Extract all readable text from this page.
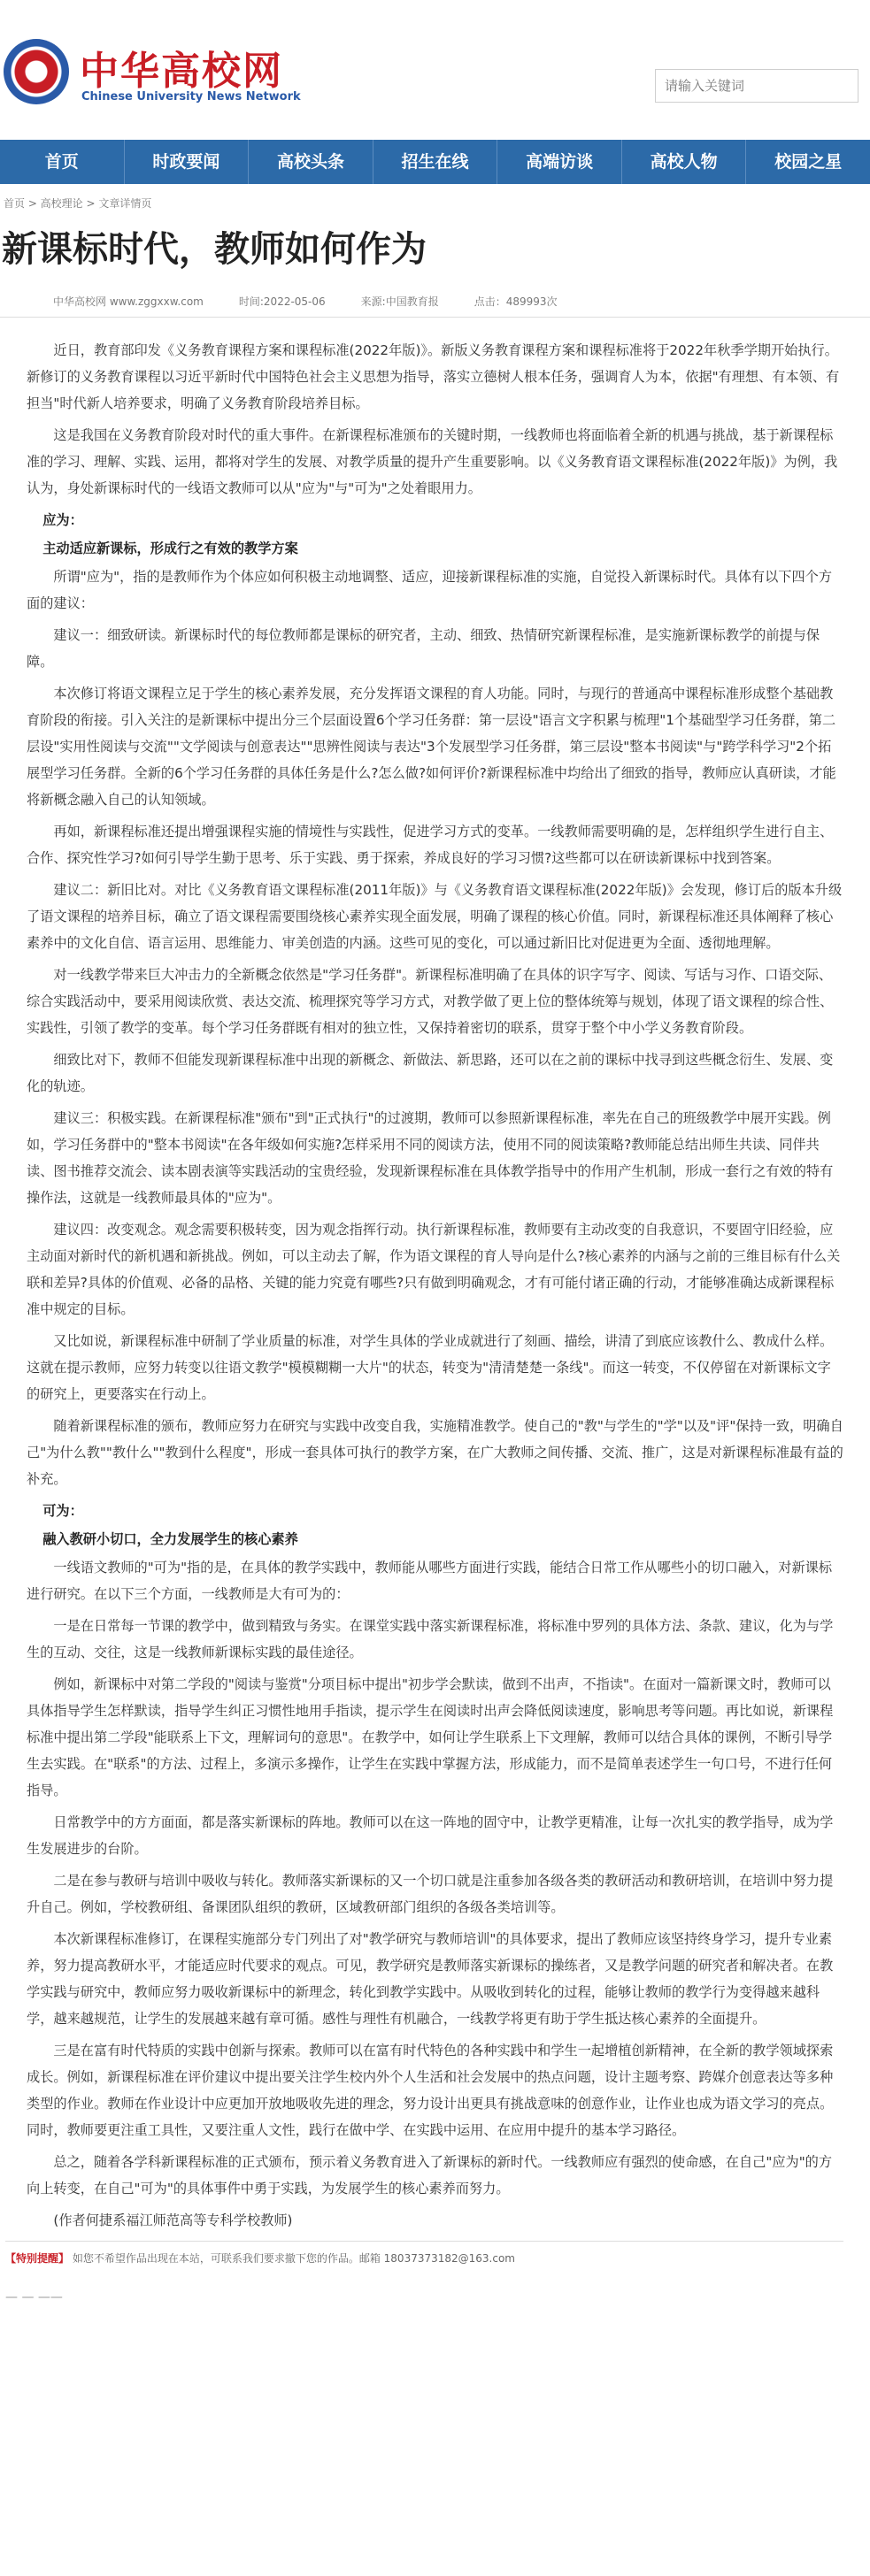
中华高校网
Chinese University News Network
请输入关键词
首页	时政要闻	高校头条	招生在线	高端访谈	高校人物	校园之星
首页 > 高校理论 > 文章详情页
新课标时代，教师如何作为
中华高校网 www.zggxxw.com	时间:2022-05-06	来源:中国教育报	点击：489993次

近日，教育部印发《义务教育课程方案和课程标准(2022年版)》。新版义务教育课程方案和课程标准将于2022年秋季学期开始执行。新修订的义务教育课程以习近平新时代中国特色社会主义思想为指导，落实立德树人根本任务，强调育人为本，依据"有理想、有本领、有担当"时代新人培养要求，明确了义务教育阶段培养目标。

这是我国在义务教育阶段对时代的重大事件。在新课程标准颁布的关键时期，一线教师也将面临着全新的机遇与挑战，基于新课程标准的学习、理解、实践、运用，都将对学生的发展、对教学质量的提升产生重要影响。以《义务教育语文课程标准(2022年版)》为例，我认为，身处新课标时代的一线语文教师可以从"应为"与"可为"之处着眼用力。

应为：

主动适应新课标，形成行之有效的教学方案

所谓"应为"，指的是教师作为个体应如何积极主动地调整、适应，迎接新课程标准的实施，自觉投入新课标时代。具体有以下四个方面的建议：

建议一：细致研读。新课标时代的每位教师都是课标的研究者，主动、细致、热情研究新课程标准，是实施新课标教学的前提与保障。

本次修订将语文课程立足于学生的核心素养发展，充分发挥语文课程的育人功能。同时，与现行的普通高中课程标准形成整个基础教育阶段的衔接。引入关注的是新课标中提出分三个层面设置6个学习任务群：第一层设"语言文字积累与梳理"1个基础型学习任务群，第二层设"实用性阅读与交流""文学阅读与创意表达""思辨性阅读与表达"3个发展型学习任务群，第三层设"整本书阅读"与"跨学科学习"2个拓展型学习任务群。全新的6个学习任务群的具体任务是什么?怎么做?如何评价?新课程标准中均给出了细致的指导，教师应认真研读，才能将新概念融入自己的认知领域。

再如，新课程标准还提出增强课程实施的情境性与实践性，促进学习方式的变革。一线教师需要明确的是，怎样组织学生进行自主、合作、探究性学习?如何引导学生勤于思考、乐于实践、勇于探索，养成良好的学习习惯?这些都可以在研读新课标中找到答案。

建议二：新旧比对。对比《义务教育语文课程标准(2011年版)》与《义务教育语文课程标准(2022年版)》会发现，修订后的版本升级了语文课程的培养目标，确立了语文课程需要围绕核心素养实现全面发展，明确了课程的核心价值。同时，新课程标准还具体阐释了核心素养中的文化自信、语言运用、思维能力、审美创造的内涵。这些可见的变化，可以通过新旧比对促进更为全面、透彻地理解。

对一线教学带来巨大冲击力的全新概念依然是"学习任务群"。新课程标准明确了在具体的识字写字、阅读、写话与习作、口语交际、综合实践活动中，要采用阅读欣赏、表达交流、梳理探究等学习方式，对教学做了更上位的整体统筹与规划，体现了语文课程的综合性、实践性，引领了教学的变革。每个学习任务群既有相对的独立性，又保持着密切的联系，贯穿于整个中小学义务教育阶段。

细致比对下，教师不但能发现新课程标准中出现的新概念、新做法、新思路，还可以在之前的课标中找寻到这些概念衍生、发展、变化的轨迹。

建议三：积极实践。在新课程标准"颁布"到"正式执行"的过渡期，教师可以参照新课程标准，率先在自己的班级教学中展开实践。例如，学习任务群中的"整本书阅读"在各年级如何实施?怎样采用不同的阅读方法，使用不同的阅读策略?教师能总结出师生共读、同伴共读、图书推荐交流会、读本剧表演等实践活动的宝贵经验，发现新课程标准在具体教学指导中的作用产生机制，形成一套行之有效的特有操作法，这就是一线教师最具体的"应为"。

建议四：改变观念。观念需要积极转变，因为观念指挥行动。执行新课程标准，教师要有主动改变的自我意识，不要固守旧经验，应主动面对新时代的新机遇和新挑战。例如，可以主动去了解，作为语文课程的育人导向是什么?核心素养的内涵与之前的三维目标有什么关联和差异?具体的价值观、必备的品格、关键的能力究竟有哪些?只有做到明确观念，才有可能付诸正确的行动，才能够准确达成新课程标准中规定的目标。

又比如说，新课程标准中研制了学业质量的标准，对学生具体的学业成就进行了刻画、描绘，讲清了到底应该教什么、教成什么样。这就在提示教师，应努力转变以往语文教学"模模糊糊一大片"的状态，转变为"清清楚楚一条线"。而这一转变，不仅停留在对新课标文字的研究上，更要落实在行动上。

随着新课程标准的颁布，教师应努力在研究与实践中改变自我，实施精准教学。使自己的"教"与学生的"学"以及"评"保持一致，明确自己"为什么教""教什么""教到什么程度"，形成一套具体可执行的教学方案，在广大教师之间传播、交流、推广，这是对新课程标准最有益的补充。

可为：

融入教研小切口，全力发展学生的核心素养

一线语文教师的"可为"指的是，在具体的教学实践中，教师能从哪些方面进行实践，能结合日常工作从哪些小的切口融入，对新课标进行研究。在以下三个方面，一线教师是大有可为的：

一是在日常每一节课的教学中，做到精致与务实。在课堂实践中落实新课程标准，将标准中罗列的具体方法、条款、建议，化为与学生的互动、交往，这是一线教师新课标实践的最佳途径。

例如，新课标中对第二学段的"阅读与鉴赏"分项目标中提出"初步学会默读，做到不出声，不指读"。在面对一篇新课文时，教师可以具体指导学生怎样默读，指导学生纠正习惯性地用手指读，提示学生在阅读时出声会降低阅读速度，影响思考等问题。再比如说，新课程标准中提出第二学段"能联系上下文，理解词句的意思"。在教学中，如何让学生联系上下文理解，教师可以结合具体的课例，不断引导学生去实践。在"联系"的方法、过程上，多演示多操作，让学生在实践中掌握方法，形成能力，而不是简单表述学生一句口号，不进行任何指导。

日常教学中的方方面面，都是落实新课标的阵地。教师可以在这一阵地的固守中，让教学更精准，让每一次扎实的教学指导，成为学生发展进步的台阶。

二是在参与教研与培训中吸收与转化。教师落实新课标的又一个切口就是注重参加各级各类的教研活动和教研培训，在培训中努力提升自己。例如，学校教研组、备课团队组织的教研，区域教研部门组织的各级各类培训等。

本次新课程标准修订，在课程实施部分专门列出了对"教学研究与教师培训"的具体要求，提出了教师应该坚持终身学习，提升专业素养，努力提高教研水平，才能适应时代要求的观点。可见，教学研究是教师落实新课标的操练者，又是教学问题的研究者和解决者。在教学实践与研究中，教师应努力吸收新课标中的新理念，转化到教学实践中。从吸收到转化的过程，能够让教师的教学行为变得越来越科学，越来越规范，让学生的发展越来越有章可循。感性与理性有机融合，一线教学将更有助于学生抵达核心素养的全面提升。

三是在富有时代特质的实践中创新与探索。教师可以在富有时代特色的各种实践中和学生一起增植创新精神，在全新的教学领域探索成长。例如，新课程标准在评价建议中提出要关注学生校内外个人生活和社会发展中的热点问题，设计主题考察、跨媒介创意表达等多种类型的作业。教师在作业设计中应更加开放地吸收先进的理念，努力设计出更具有挑战意味的创意作业，让作业也成为语文学习的亮点。同时，教师要更注重工具性，又要注重人文性，践行在做中学、在实践中运用、在应用中提升的基本学习路径。

总之，随着各学科新课程标准的正式颁布，预示着义务教育进入了新课标的新时代。一线教师应有强烈的使命感，在自己"应为"的方向上转变，在自己"可为"的具体事件中勇于实践，为发展学生的核心素养而努力。

(作者何捷系福江师范高等专科学校教师)

【特别提醒】 如您不希望作品出现在本站，可联系我们要求撤下您的作品。邮箱 18037373182@163.com
— — ——
